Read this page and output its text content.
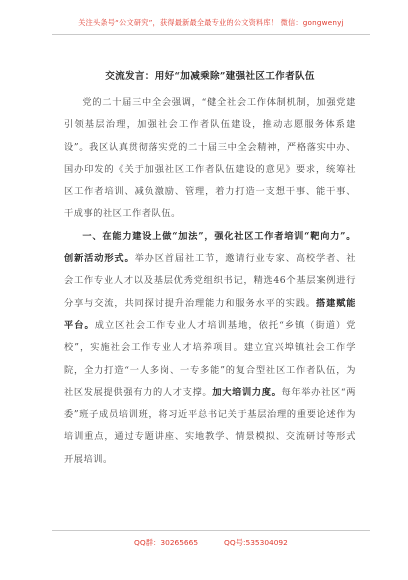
关注头条号“公文研究”，获得最新最全最专业的公文资料库！ 微信：gongwenyj
交流发言：用好“加减乘除”建强社区工作者队伍

党的二十届三中全会强调，“健全社会工作体制机制，加强党建引领基层治理，加强社会工作者队伍建设，推动志愿服务体系建设”。我区认真贯彻落实党的二十届三中全会精神，严格落实中办、国办印发的《关于加强社区工作者队伍建设的意见》要求，统筹社区工作者培训、减负激励、管理，着力打造一支想干事、能干事、干成事的社区工作者队伍。

一、在能力建设上做“加法”，强化社区工作者培训“靶向力”。创新活动形式。举办区首届社工节，邀请行业专家、高校学者、社会工作专业人才以及基层优秀党组织书记，精选46个基层案例进行分享与交流，共同探讨提升治理能力和服务水平的实践。搭建赋能平台。成立区社会工作专业人才培训基地，依托“乡镇（街道）党校”，实施社会工作专业人才培养项目。建立宜兴埠镇社会工作学院，全力打造“一人多岗、一专多能”的复合型社区工作者队伍，为社区发展提供强有力的人才支撑。加大培训力度。每年举办社区“两委”班子成员培训班，将习近平总书记关于基层治理的重要论述作为培训重点，通过专题讲座、实地教学、情景模拟、交流研讨等形式开展培训。

QQ群：30265665	QQ号:535304092
